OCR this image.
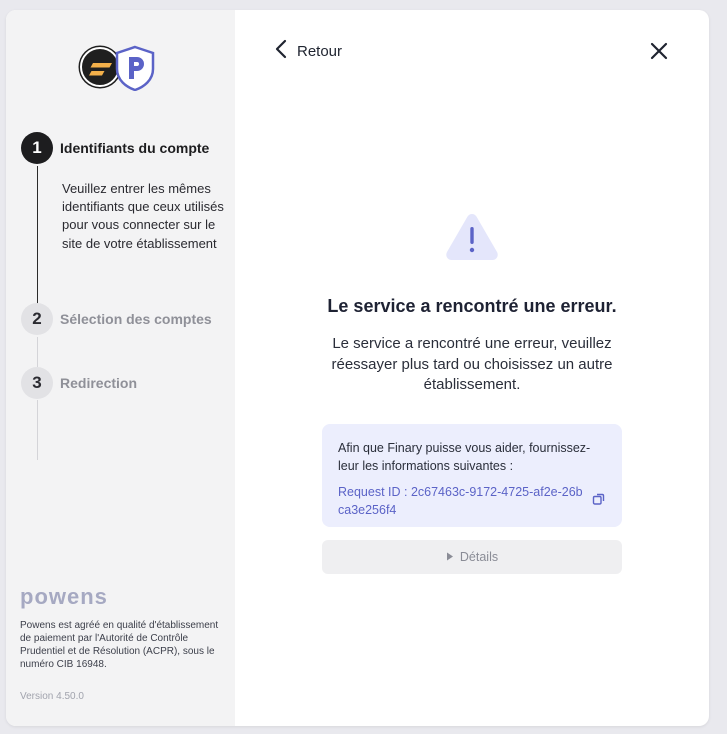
1	Identifiants du compte
Veuillez entrer les mêmes identifiants que ceux utilisés pour vous connecter sur le site de votre établissement
2	Sélection des comptes
3	Redirection
powens
Powens est agréé en qualité d'établissement de paiement par l'Autorité de Contrôle Prudentiel et de Résolution (ACPR), sous le numéro CIB 16948.
Version 4.50.0
Retour
Le service a rencontré une erreur.
Le service a rencontré une erreur, veuillez réessayer plus tard ou choisissez un autre établissement.
Afin que Finary puisse vous aider, fournissez-leur les informations suivantes :
Request ID : 2c67463c-9172-4725-af2e-26bca3e256f4
Détails
